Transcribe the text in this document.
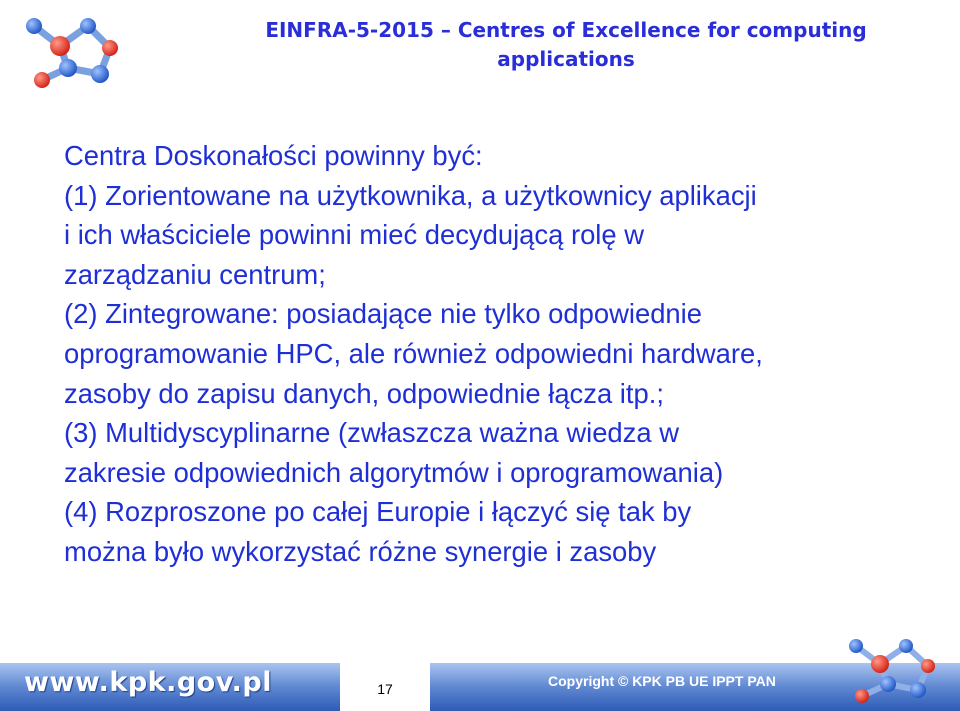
EINFRA-5-2015 – Centres of Excellence for computing
applications
Centra Doskonałości powinny być:
(1) Zorientowane na użytkownika, a użytkownicy aplikacji
i ich właściciele powinni mieć decydującą rolę w
zarządzaniu centrum;
(2) Zintegrowane: posiadające nie tylko odpowiednie
oprogramowanie HPC, ale również odpowiedni hardware,
zasoby do zapisu danych, odpowiednie łącza itp.;
(3) Multidyscyplinarne (zwłaszcza ważna wiedza w
zakresie odpowiednich algorytmów i oprogramowania)
(4) Rozproszone po całej Europie i łączyć się tak by
można było wykorzystać różne synergie i zasoby
www.kpk.gov.pl	17	Copyright © KPK PB UE IPPT PAN
